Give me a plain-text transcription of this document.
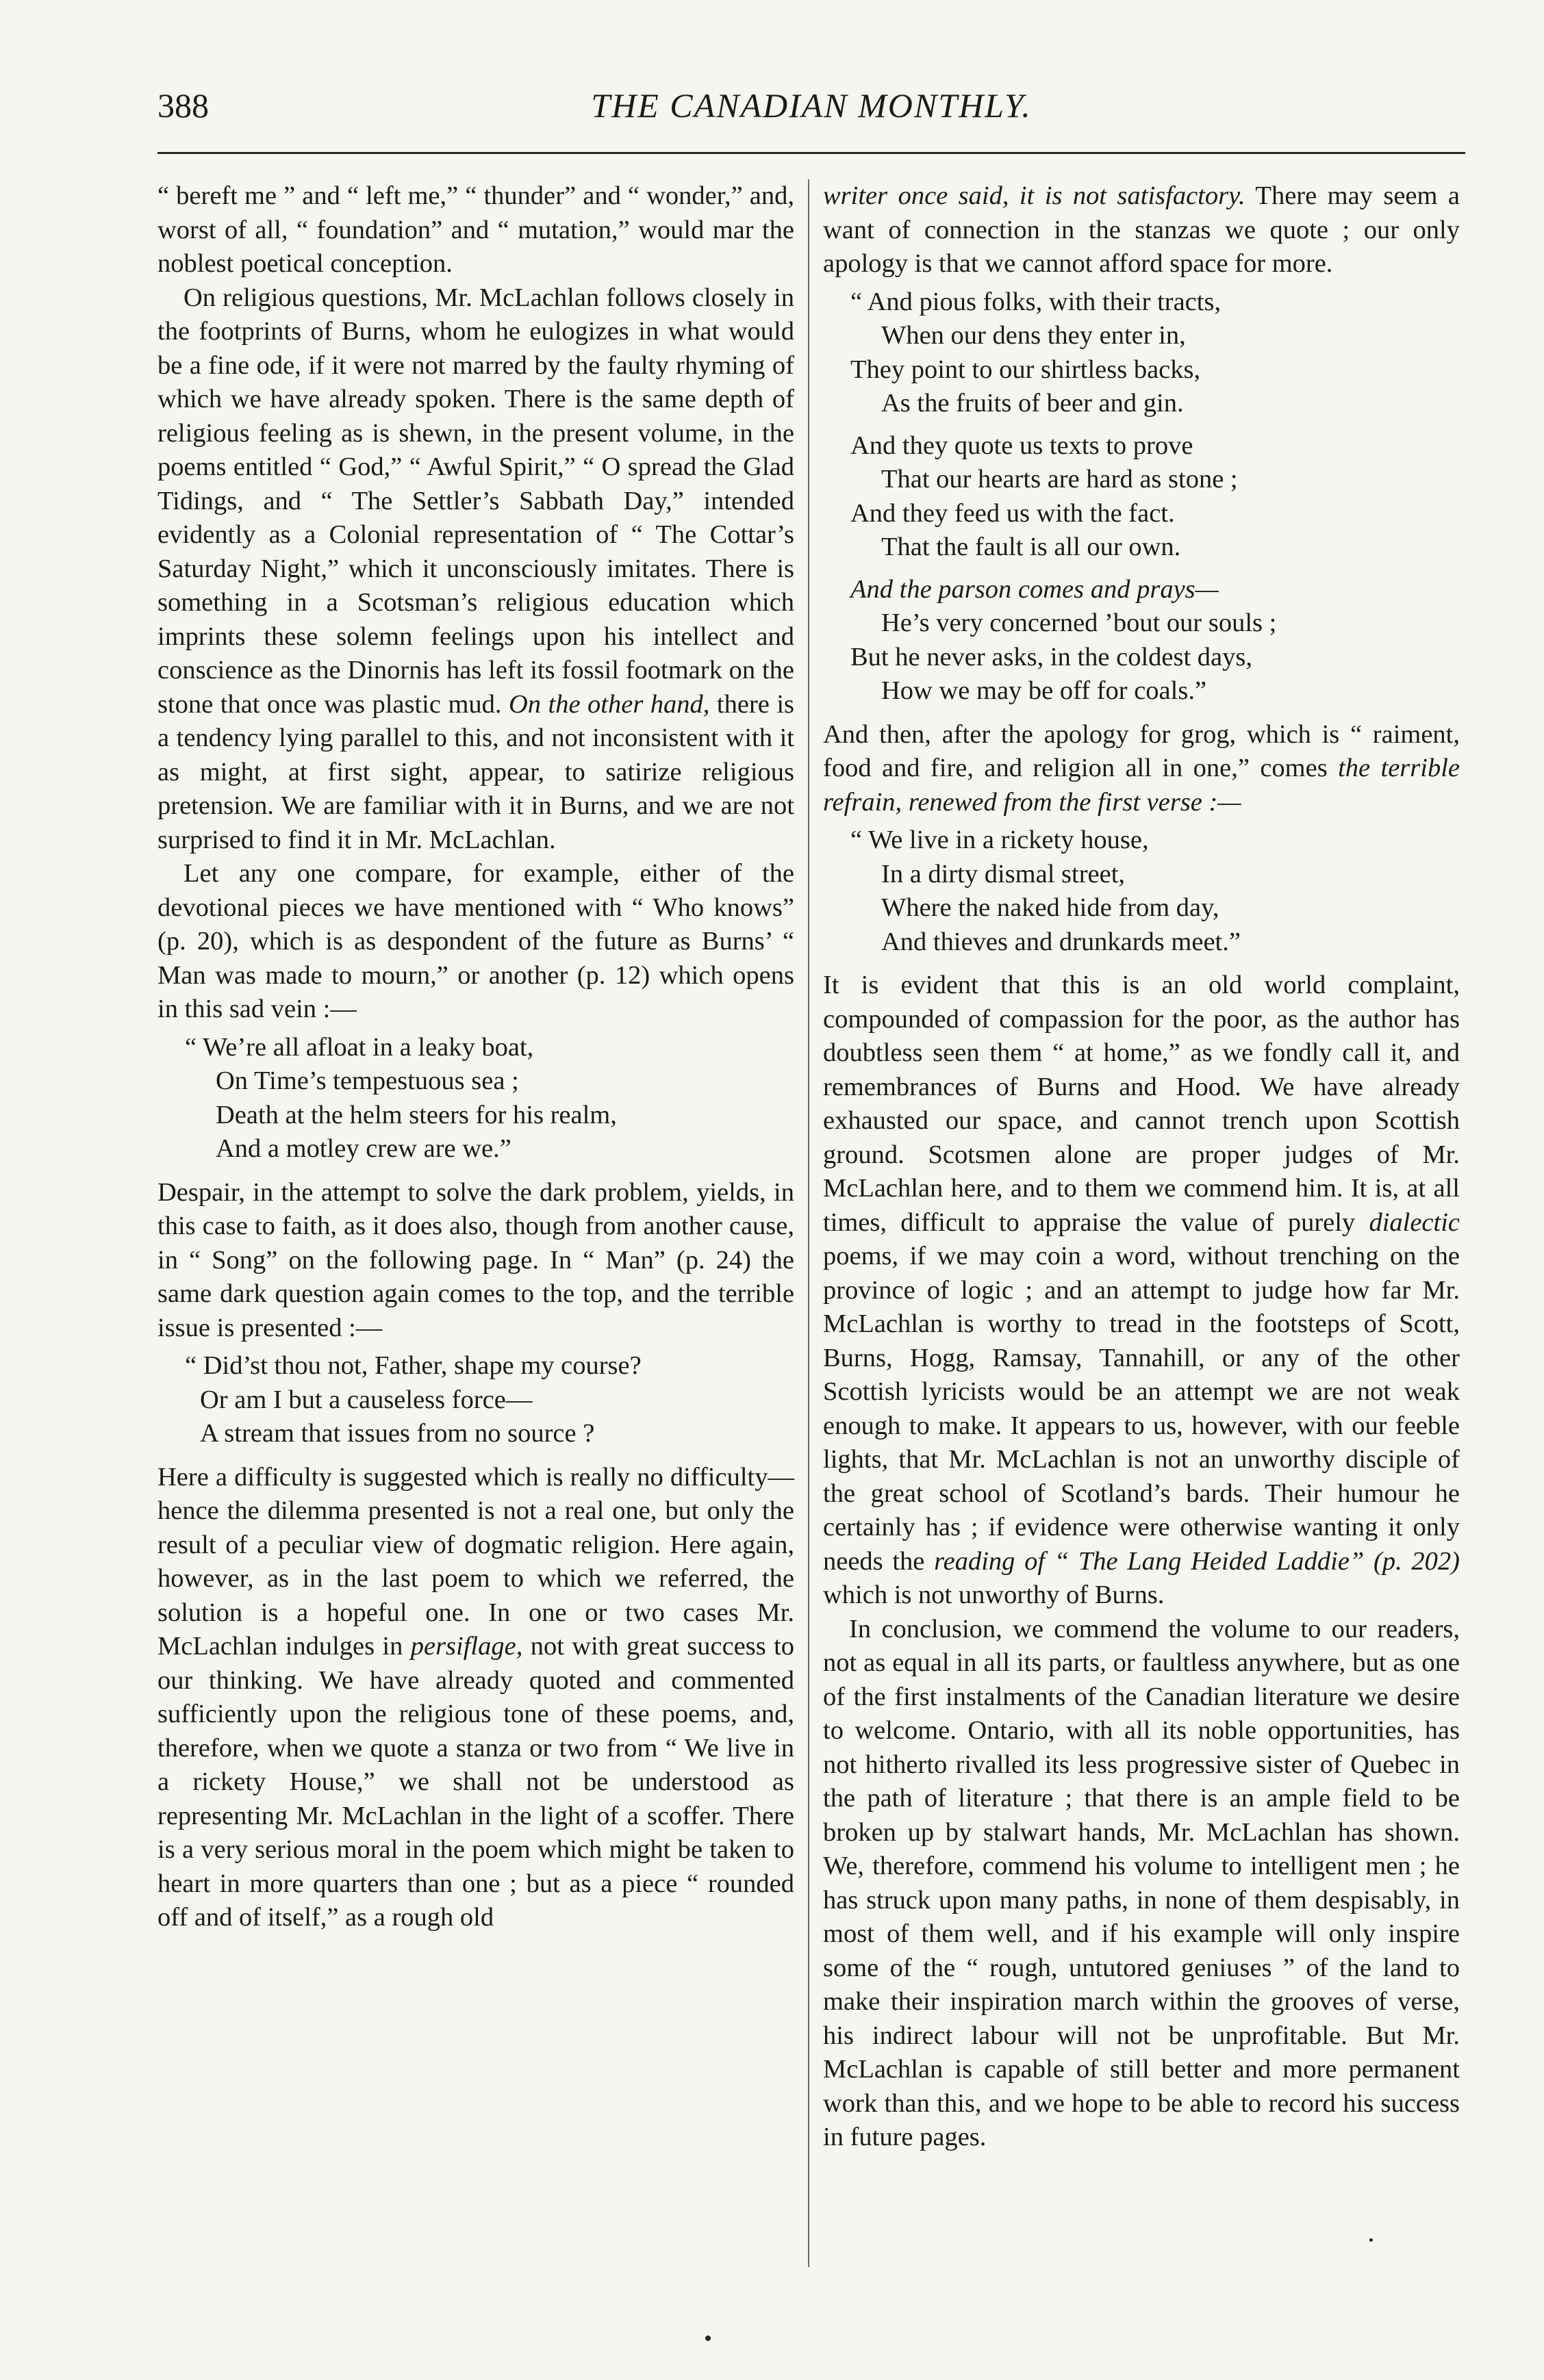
388	THE CANADIAN MONTHLY.

“ bereft me ” and “ left me,” “ thunder” and “ wonder,” and, worst of all, “ foundation” and “ mutation,” would mar the noblest poetical conception.

On religious questions, Mr. McLachlan follows closely in the footprints of Burns, whom he eulogizes in what would be a fine ode, if it were not marred by the faulty rhyming of which we have already spoken. There is the same depth of religious feeling as is shewn, in the present volume, in the poems entitled “ God,” “ Awful Spirit,” “ O spread the Glad Tidings, and “ The Settler’s Sabbath Day,” intended evidently as a Colonial representation of “ The Cottar’s Saturday Night,” which it unconsciously imitates. There is something in a Scotsman’s religious education which imprints these solemn feelings upon his intellect and conscience as the Dinornis has left its fossil footmark on the stone that once was plastic mud. On the other hand, there is a tendency lying parallel to this, and not inconsistent with it as might, at first sight, appear, to satirize religious pretension. We are familiar with it in Burns, and we are not surprised to find it in Mr. McLachlan.

Let any one compare, for example, either of the devotional pieces we have mentioned with “ Who knows” (p. 20), which is as despondent of the future as Burns’ “ Man was made to mourn,” or another (p. 12) which opens in this sad vein :—

“ We’re all afloat in a leaky boat,
On Time’s tempestuous sea ;
Death at the helm steers for his realm,
And a motley crew are we.”

Despair, in the attempt to solve the dark problem, yields, in this case to faith, as it does also, though from another cause, in “ Song” on the following page. In “ Man” (p. 24) the same dark question again comes to the top, and the terrible issue is presented :—

“ Did’st thou not, Father, shape my course?
Or am I but a causeless force—
A stream that issues from no source ?

Here a difficulty is suggested which is really no difficulty—hence the dilemma presented is not a real one, but only the result of a peculiar view of dogmatic religion. Here again, however, as in the last poem to which we referred, the solution is a hopeful one. In one or two cases Mr. McLachlan indulges in persiflage, not with great success to our thinking. We have already quoted and commented sufficiently upon the religious tone of these poems, and, therefore, when we quote a stanza or two from “ We live in a rickety House,” we shall not be understood as representing Mr. McLachlan in the light of a scoffer. There is a very serious moral in the poem which might be taken to heart in more quarters than one ; but as a piece “ rounded off and of itself,” as a rough old

writer once said, it is not satisfactory. There may seem a want of connection in the stanzas we quote ; our only apology is that we cannot afford space for more.

“ And pious folks, with their tracts,
When our dens they enter in,
They point to our shirtless backs,
As the fruits of beer and gin.
And they quote us texts to prove
That our hearts are hard as stone ;
And they feed us with the fact.
That the fault is all our own.
And the parson comes and prays—
He’s very concerned ’bout our souls ;
But he never asks, in the coldest days,
How we may be off for coals.”

And then, after the apology for grog, which is “ raiment, food and fire, and religion all in one,” comes the terrible refrain, renewed from the first verse :—

“ We live in a rickety house,
In a dirty dismal street,
Where the naked hide from day,
And thieves and drunkards meet.”

It is evident that this is an old world complaint, compounded of compassion for the poor, as the author has doubtless seen them “ at home,” as we fondly call it, and remembrances of Burns and Hood. We have already exhausted our space, and cannot trench upon Scottish ground. Scotsmen alone are proper judges of Mr. McLachlan here, and to them we commend him. It is, at all times, difficult to appraise the value of purely dialectic poems, if we may coin a word, without trenching on the province of logic ; and an attempt to judge how far Mr. McLachlan is worthy to tread in the footsteps of Scott, Burns, Hogg, Ramsay, Tannahill, or any of the other Scottish lyricists would be an attempt we are not weak enough to make. It appears to us, however, with our feeble lights, that Mr. McLachlan is not an unworthy disciple of the great school of Scotland’s bards. Their humour he certainly has ; if evidence were otherwise wanting it only needs the reading of “ The Lang Heided Laddie” (p. 202) which is not unworthy of Burns.

In conclusion, we commend the volume to our readers, not as equal in all its parts, or faultless anywhere, but as one of the first instalments of the Canadian literature we desire to welcome. Ontario, with all its noble opportunities, has not hitherto rivalled its less progressive sister of Quebec in the path of literature ; that there is an ample field to be broken up by stalwart hands, Mr. McLachlan has shown. We, therefore, commend his volume to intelligent men ; he has struck upon many paths, in none of them despisably, in most of them well, and if his example will only inspire some of the “ rough, untutored geniuses ” of the land to make their inspiration march within the grooves of verse, his indirect labour will not be unprofitable. But Mr. McLachlan is capable of still better and more permanent work than this, and we hope to be able to record his success in future pages.
